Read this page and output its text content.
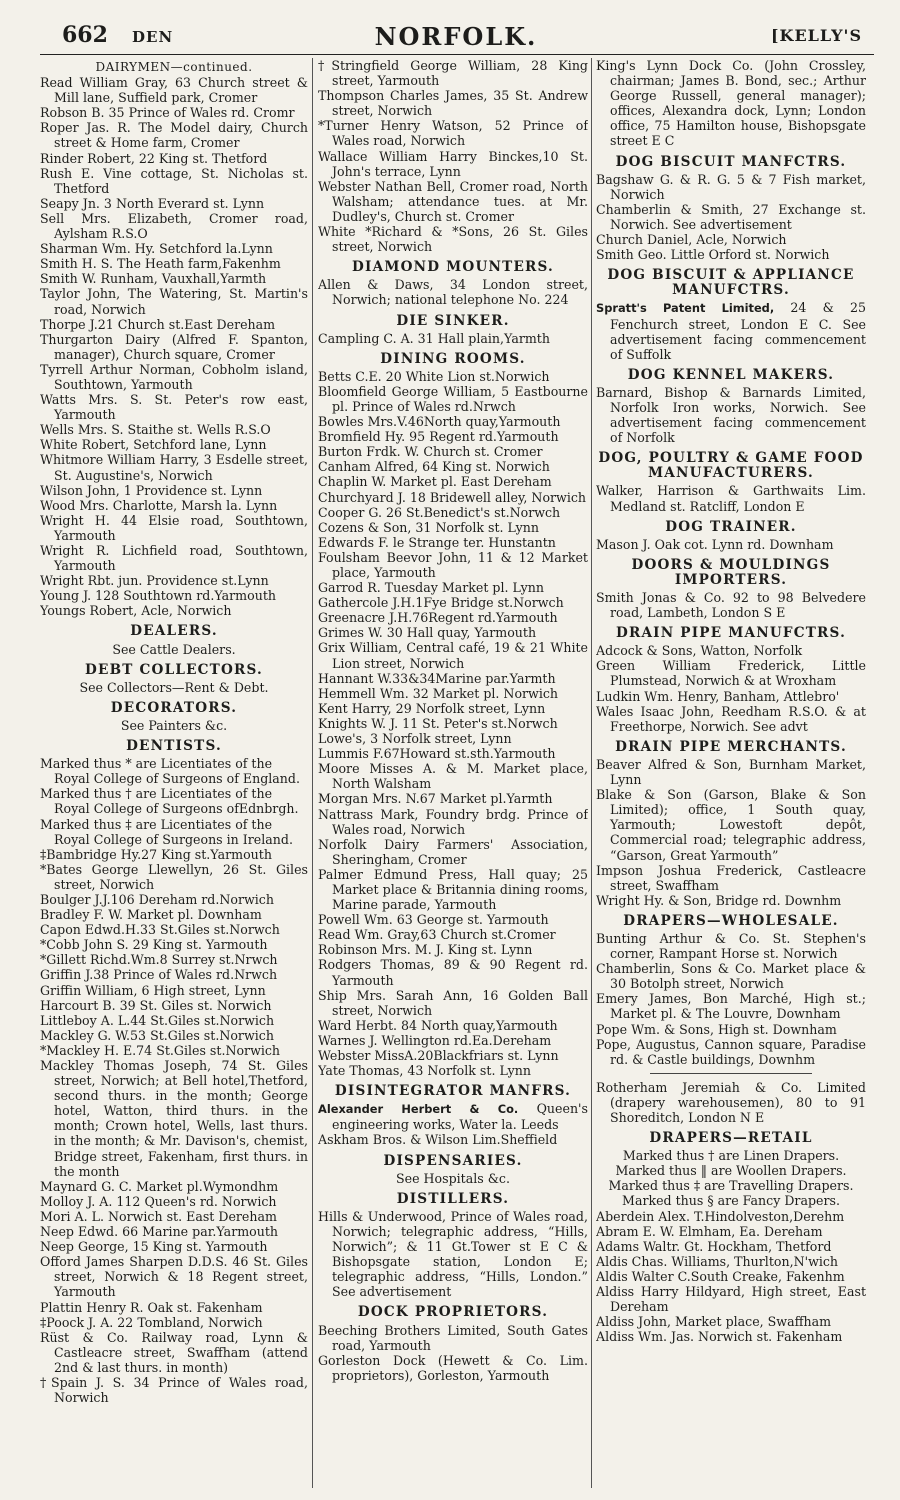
662 DEN	NORFOLK.	[KELLY'S

DAIRYMEN—continued.

Read William Gray, 63 Church street & Mill lane, Suffield park, Cromer

Robson B. 35 Prince of Wales rd. Cromr

Roper Jas. R. The Model dairy, Church street & Home farm, Cromer

Rinder Robert, 22 King st. Thetford

Rush E. Vine cottage, St. Nicholas st. Thetford

Seapy Jn. 3 North Everard st. Lynn

Sell Mrs. Elizabeth, Cromer road, Aylsham R.S.O

Sharman Wm. Hy. Setchford la.Lynn

Smith H. S. The Heath farm,Fakenhm

Smith W. Runham, Vauxhall,Yarmth

Taylor John, The Watering, St. Martin's road, Norwich

Thorpe J.21 Church st.East Dereham

Thurgarton Dairy (Alfred F. Spanton, manager), Church square, Cromer

Tyrrell Arthur Norman, Cobholm island, Southtown, Yarmouth

Watts Mrs. S. St. Peter's row east, Yarmouth

Wells Mrs. S. Staithe st. Wells R.S.O

White Robert, Setchford lane, Lynn

Whitmore William Harry, 3 Esdelle street, St. Augustine's, Norwich

Wilson John, 1 Providence st. Lynn

Wood Mrs. Charlotte, Marsh la. Lynn

Wright H. 44 Elsie road, Southtown, Yarmouth

Wright R. Lichfield road, Southtown, Yarmouth

Wright Rbt. jun. Providence st.Lynn

Young J. 128 Southtown rd.Yarmouth

Youngs Robert, Acle, Norwich

DEALERS.

See Cattle Dealers.

DEBT COLLECTORS.

See Collectors—Rent & Debt.

DECORATORS.

See Painters &c.

DENTISTS.

Marked thus * are Licentiates of the Royal College of Surgeons of England.

Marked thus † are Licentiates of the Royal College of Surgeons ofEdnbrgh.

Marked thus ‡ are Licentiates of the Royal College of Surgeons in Ireland.

‡Bambridge Hy.27 King st.Yarmouth

*Bates George Llewellyn, 26 St. Giles street, Norwich

Boulger J.J.106 Dereham rd.Norwich

Bradley F. W. Market pl. Downham

Capon Edwd.H.33 St.Giles st.Norwch

*Cobb John S. 29 King st. Yarmouth

*Gillett Richd.Wm.8 Surrey st.Nrwch

Griffin J.38 Prince of Wales rd.Nrwch

Griffin William, 6 High street, Lynn

Harcourt B. 39 St. Giles st. Norwich

Littleboy A. L.44 St.Giles st.Norwich

Mackley G. W.53 St.Giles st.Norwich

*Mackley H. E.74 St.Giles st.Norwich

Mackley Thomas Joseph, 74 St. Giles street, Norwich; at Bell hotel,Thetford, second thurs. in the month; George hotel, Watton, third thurs. in the month; Crown hotel, Wells, last thurs. in the month; & Mr. Davison's, chemist, Bridge street, Fakenham, first thurs. in the month

Maynard G. C. Market pl.Wymondhm

Molloy J. A. 112 Queen's rd. Norwich

Mori A. L. Norwich st. East Dereham

Neep Edwd. 66 Marine par.Yarmouth

Neep George, 15 King st. Yarmouth

Offord James Sharpen D.D.S. 46 St. Giles street, Norwich & 18 Regent street, Yarmouth

Plattin Henry R. Oak st. Fakenham

‡Poock J. A. 22 Tombland, Norwich

Rüst & Co. Railway road, Lynn & Castleacre street, Swaffham (attend 2nd & last thurs. in month)

†Spain J. S. 34 Prince of Wales road, Norwich

†Stringfield George William, 28 King street, Yarmouth

Thompson Charles James, 35 St. Andrew street, Norwich

*Turner Henry Watson, 52 Prince of Wales road, Norwich

Wallace William Harry Binckes,10 St. John's terrace, Lynn

Webster Nathan Bell, Cromer road, North Walsham; attendance tues. at Mr. Dudley's, Church st. Cromer

White *Richard & *Sons, 26 St. Giles street, Norwich

DIAMOND MOUNTERS.

Allen & Daws, 34 London street, Norwich; national telephone No. 224

DIE SINKER.

Campling C. A. 31 Hall plain,Yarmth

DINING ROOMS.

Betts C.E. 20 White Lion st.Norwich

Bloomfield George William, 5 Eastbourne pl. Prince of Wales rd.Nrwch

Bowles Mrs.V.46North quay,Yarmouth

Bromfield Hy. 95 Regent rd.Yarmouth

Burton Frdk. W. Church st. Cromer

Canham Alfred, 64 King st. Norwich

Chaplin W. Market pl. East Dereham

Churchyard J. 18 Bridewell alley, Norwich

Cooper G. 26 St.Benedict's st.Norwch

Cozens & Son, 31 Norfolk st. Lynn

Edwards F. le Strange ter. Hunstantn

Foulsham Beevor John, 11 & 12 Market place, Yarmouth

Garrod R. Tuesday Market pl. Lynn

Gathercole J.H.1Fye Bridge st.Norwch

Greenacre J.H.76Regent rd.Yarmouth

Grimes W. 30 Hall quay, Yarmouth

Grix William, Central café, 19 & 21 White Lion street, Norwich

Hannant W.33&34Marine par.Yarmth

Hemmell Wm. 32 Market pl. Norwich

Kent Harry, 29 Norfolk street, Lynn

Knights W. J. 11 St. Peter's st.Norwch

Lowe's, 3 Norfolk street, Lynn

Lummis F.67Howard st.sth.Yarmouth

Moore Misses A. & M. Market place, North Walsham

Morgan Mrs. N.67 Market pl.Yarmth

Nattrass Mark, Foundry brdg. Prince of Wales road, Norwich

Norfolk Dairy Farmers' Association, Sheringham, Cromer

Palmer Edmund Press, Hall quay; 25 Market place & Britannia dining rooms, Marine parade, Yarmouth

Powell Wm. 63 George st. Yarmouth

Read Wm. Gray,63 Church st.Cromer

Robinson Mrs. M. J. King st. Lynn

Rodgers Thomas, 89 & 90 Regent rd. Yarmouth

Ship Mrs. Sarah Ann, 16 Golden Ball street, Norwich

Ward Herbt. 84 North quay,Yarmouth

Warnes J. Wellington rd.Ea.Dereham

Webster MissA.20Blackfriars st. Lynn

Yate Thomas, 43 Norfolk st. Lynn

DISINTEGRATOR MANFRS.

Alexander Herbert & Co. Queen's engineering works, Water la. Leeds

Askham Bros. & Wilson Lim.Sheffield

DISPENSARIES.

See Hospitals &c.

DISTILLERS.

Hills & Underwood, Prince of Wales road, Norwich; telegraphic address, “Hills, Norwich”; & 11 Gt.Tower st E C & Bishopsgate station, London E; telegraphic address, “Hills, London.” See advertisement

DOCK PROPRIETORS.

Beeching Brothers Limited, South Gates road, Yarmouth

Gorleston Dock (Hewett & Co. Lim. proprietors), Gorleston, Yarmouth

King's Lynn Dock Co. (John Crossley, chairman; James B. Bond, sec.; Arthur George Russell, general manager); offices, Alexandra dock, Lynn; London office, 75 Hamilton house, Bishopsgate street E C

DOG BISCUIT MANFCTRS.

Bagshaw G. & R. G. 5 & 7 Fish market, Norwich

Chamberlin & Smith, 27 Exchange st. Norwich. See advertisement

Church Daniel, Acle, Norwich

Smith Geo. Little Orford st. Norwich

DOG BISCUIT & APPLIANCE MANUFCTRS.

Spratt's Patent Limited, 24 & 25 Fenchurch street, London E C. See advertisement facing commencement of Suffolk

DOG KENNEL MAKERS.

Barnard, Bishop & Barnards Limited, Norfolk Iron works, Norwich. See advertisement facing commencement of Norfolk

DOG, POULTRY & GAME FOOD MANUFACTURERS.

Walker, Harrison & Garthwaits Lim. Medland st. Ratcliff, London E

DOG TRAINER.

Mason J. Oak cot. Lynn rd. Downham

DOORS & MOULDINGS IMPORTERS.

Smith Jonas & Co. 92 to 98 Belvedere road, Lambeth, London S E

DRAIN PIPE MANUFCTRS.

Adcock & Sons, Watton, Norfolk

Green William Frederick, Little Plumstead, Norwich & at Wroxham

Ludkin Wm. Henry, Banham, Attlebro'

Wales Isaac John, Reedham R.S.O. & at Freethorpe, Norwich. See advt

DRAIN PIPE MERCHANTS.

Beaver Alfred & Son, Burnham Market, Lynn

Blake & Son (Garson, Blake & Son Limited); office, 1 South quay, Yarmouth; Lowestoft depôt, Commercial road; telegraphic address, “Garson, Great Yarmouth”

Impson Joshua Frederick, Castleacre street, Swaffham

Wright Hy. & Son, Bridge rd. Downhm

DRAPERS—WHOLESALE.

Bunting Arthur & Co. St. Stephen's corner, Rampant Horse st. Norwich

Chamberlin, Sons & Co. Market place & 30 Botolph street, Norwich

Emery James, Bon Marché, High st.; Market pl. & The Louvre, Downham

Pope Wm. & Sons, High st. Downham

Pope, Augustus, Cannon square, Paradise rd. & Castle buildings, Downhm

Rotherham Jeremiah & Co. Limited (drapery warehousemen), 80 to 91 Shoreditch, London N E

DRAPERS—RETAIL

Marked thus † are Linen Drapers.

Marked thus ‖ are Woollen Drapers.

Marked thus ‡ are Travelling Drapers.

Marked thus § are Fancy Drapers.

Aberdein Alex. T.Hindolveston,Derehm

Abram E. W. Elmham, Ea. Dereham

Adams Waltr. Gt. Hockham, Thetford

Aldis Chas. Williams, Thurlton,N'wich

Aldis Walter C.South Creake, Fakenhm

Aldiss Harry Hildyard, High street, East Dereham

Aldiss John, Market place, Swaffham

Aldiss Wm. Jas. Norwich st. Fakenham
